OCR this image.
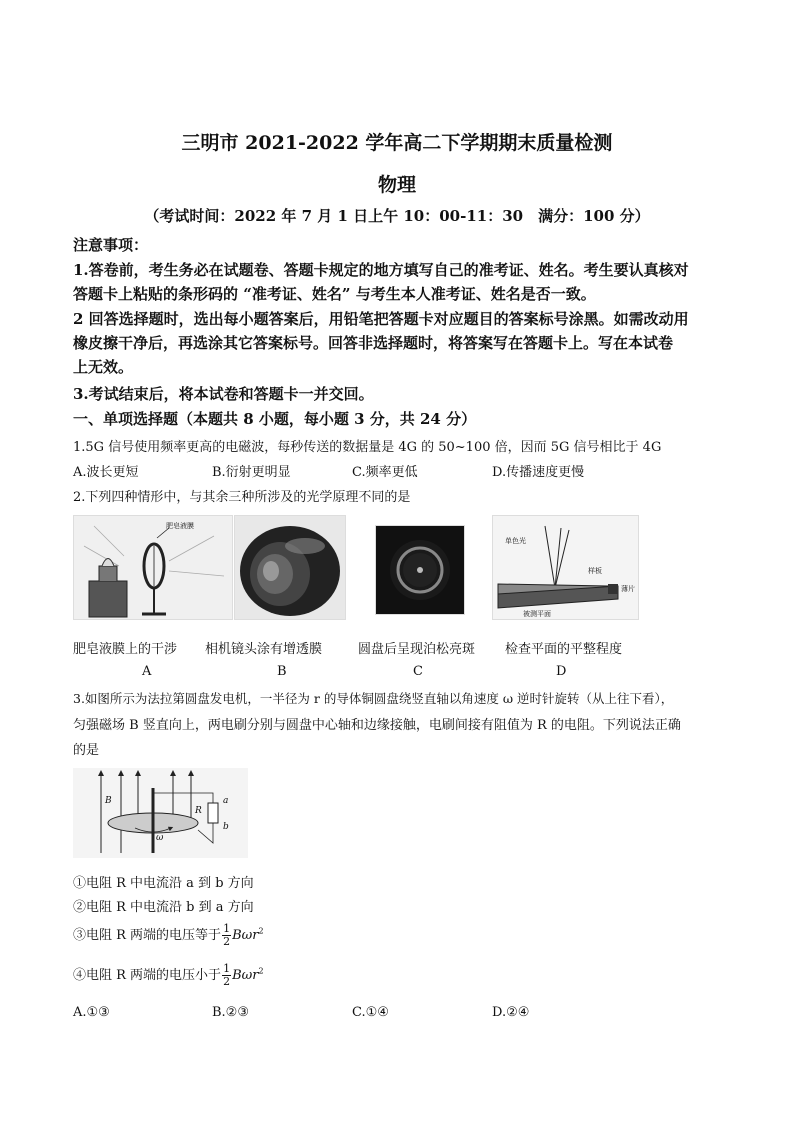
三明市 2021-2022 学年高二下学期期末质量检测
物理
（考试时间：2022 年 7 月 1 日上午 10：00-11：30　满分：100 分）
注意事项：
1.答卷前，考生务必在试题卷、答题卡规定的地方填写自己的准考证、姓名。考生要认真核对
答题卡上粘贴的条形码的 “准考证、姓名” 与考生本人准考证、姓名是否一致。
2 回答选择题时，选出每小题答案后，用铅笔把答题卡对应题目的答案标号涂黑。如需改动用
橡皮擦干净后，再选涂其它答案标号。回答非选择题时，将答案写在答题卡上。写在本试卷
上无效。
3.考试结束后，将本试卷和答题卡一并交回。
一、单项选择题（本题共 8 小题，每小题 3 分，共 24 分）
1.5G 信号使用频率更高的电磁波，每秒传送的数据量是 4G 的 50~100 倍，因而 5G 信号相比于 4G
A.波长更短	B.衍射更明显	C.频率更低	D.传播速度更慢
2.下列四种情形中，与其余三种所涉及的光学原理不同的是
肥皂液膜
单色光
样板
薄片
被测平面
肥皂液膜上的干涉 相机镜头涂有增透膜	圆盘后呈现泊松亮斑 检查平面的平整程度
A	B	C	D
3.如图所示为法拉第圆盘发电机，一半径为 r 的导体铜圆盘绕竖直轴以角速度 ω 逆时针旋转（从上往下看），
匀强磁场 B 竖直向上，两电刷分别与圆盘中心轴和边缘接触，电刷间接有阻值为 R 的电阻。下列说法正确
的是
B
R
a
b
ω
①电阻 R 中电流沿 a 到 b 方向
②电阻 R 中电流沿 b 到 a 方向
③电阻 R 两端的电压等于 $\frac{1}{2} B\omega r^2$
④电阻 R 两端的电压小于 $\frac{1}{2} B\omega r^2$
A.①③	B.②③	C.①④	D.②④
